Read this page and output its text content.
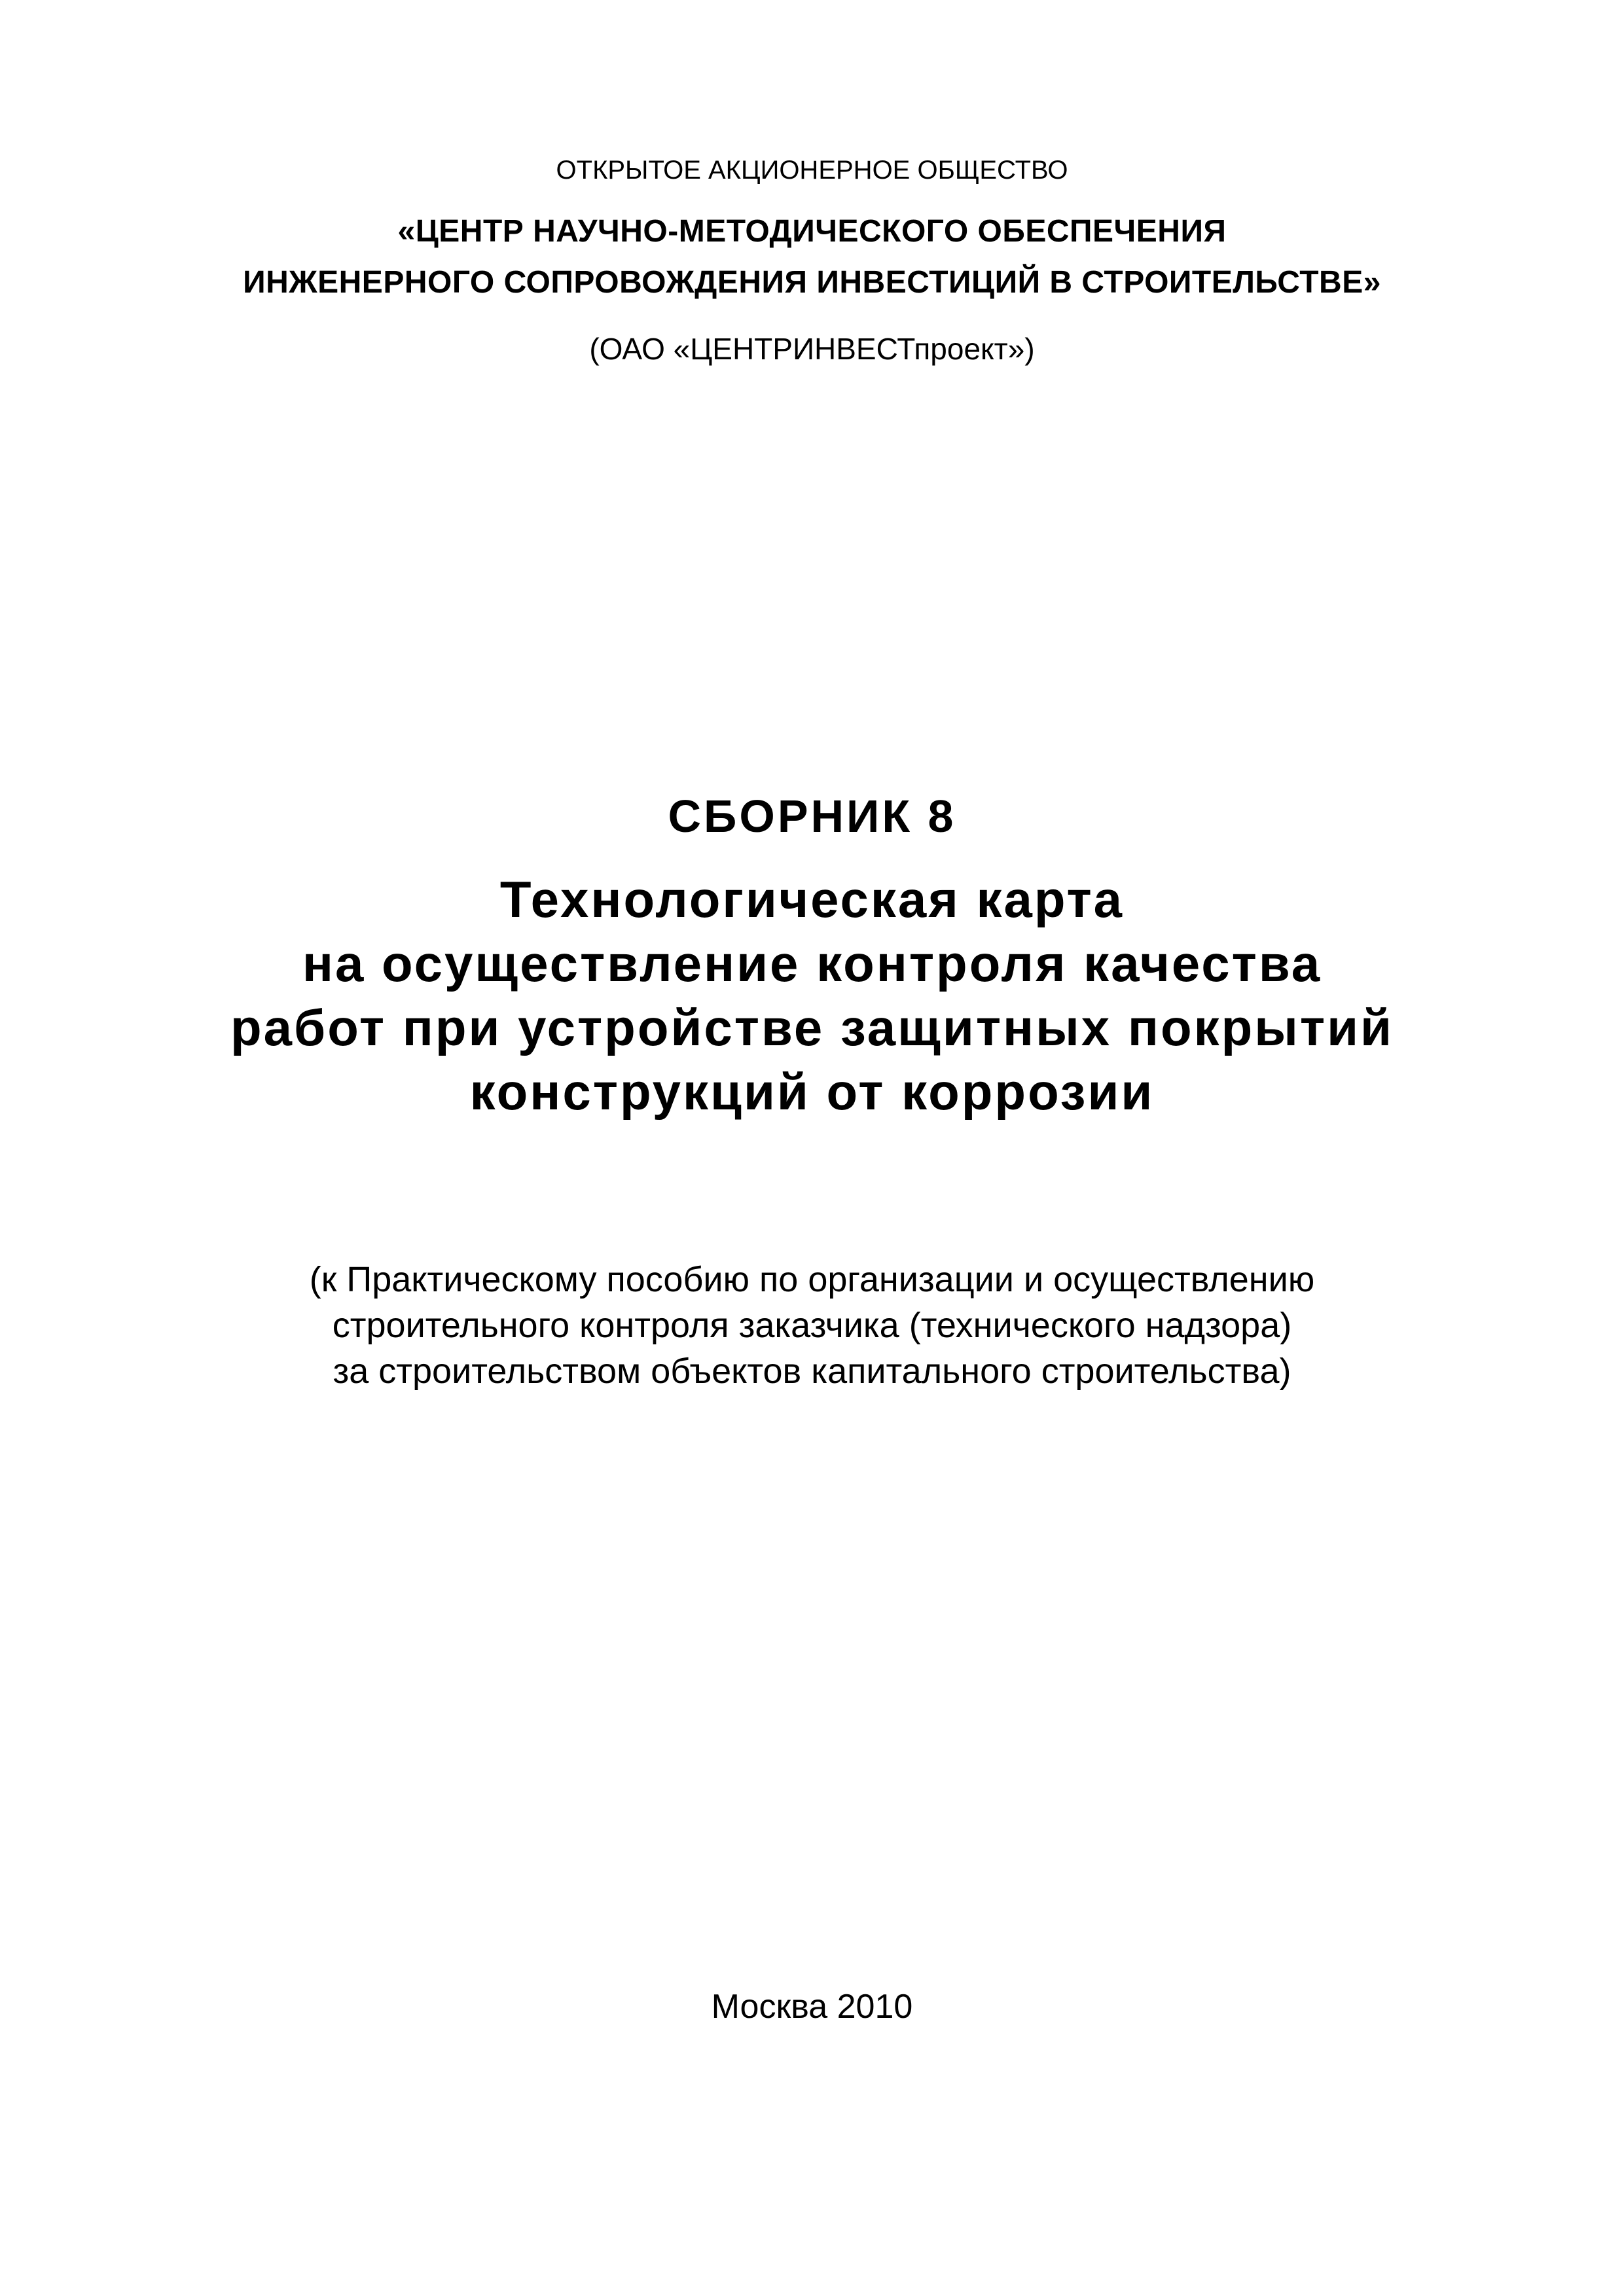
ОТКРЫТОЕ АКЦИОНЕРНОЕ ОБЩЕСТВО

«ЦЕНТР НАУЧНО-МЕТОДИЧЕСКОГО ОБЕСПЕЧЕНИЯ

ИНЖЕНЕРНОГО СОПРОВОЖДЕНИЯ ИНВЕСТИЦИЙ В СТРОИТЕЛЬСТВЕ»

(ОАО «ЦЕНТРИНВЕСТпроект»)

СБОРНИК 8

Технологическая карта

на осуществление контроля качества

работ при устройстве защитных покрытий

конструкций от коррозии

(к Практическому пособию по организации и осуществлению

строительного контроля заказчика (технического надзора)

за строительством объектов капитального строительства)

Москва 2010
